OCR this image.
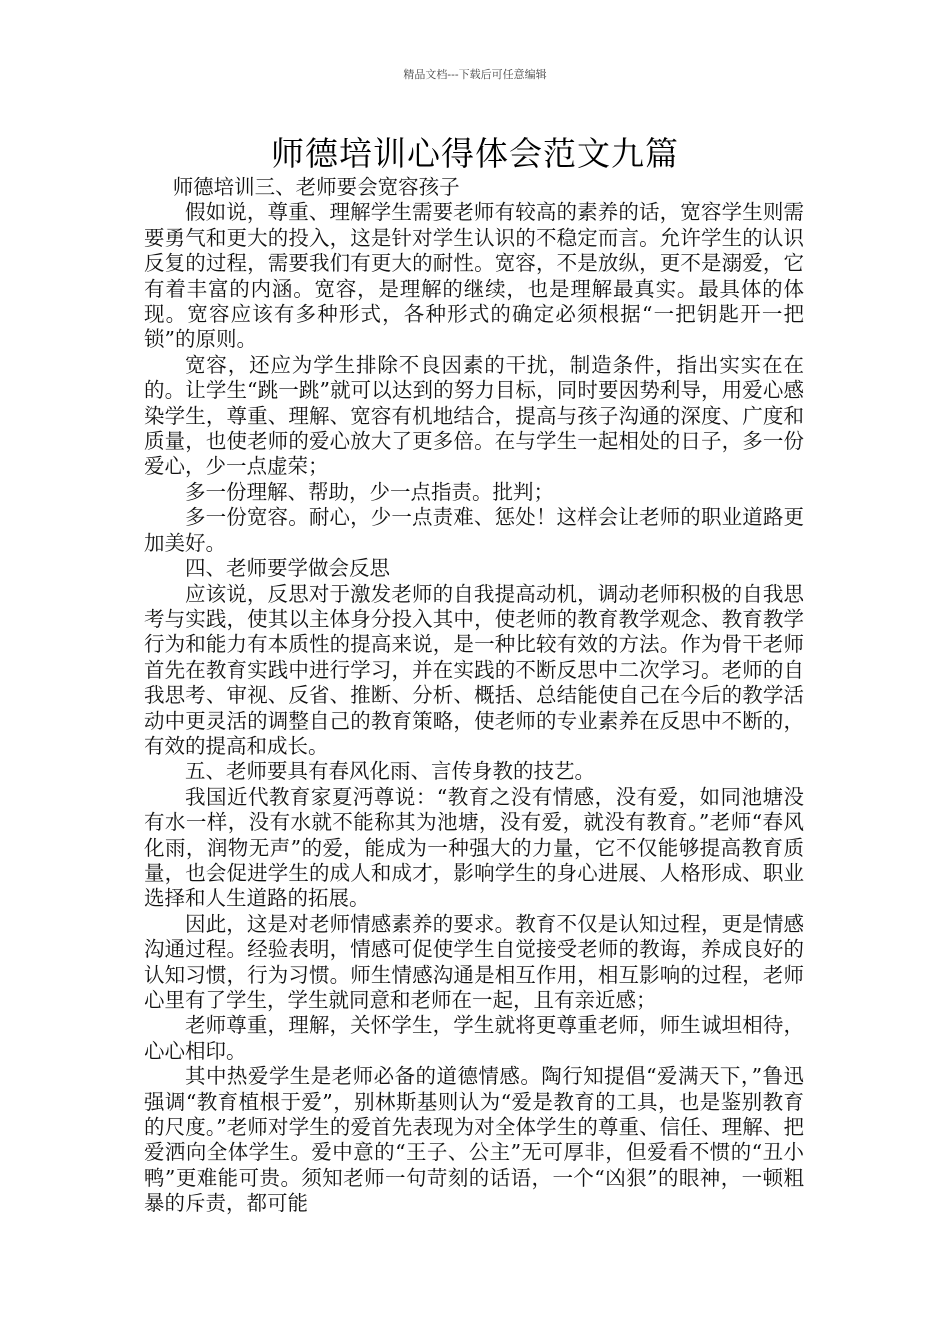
精品文档---下载后可任意编辑
师德培训心得体会范文九篇

师德培训三、老师要会宽容孩子

假如说，尊重、理解学生需要老师有较高的素养的话，宽容学生则需要勇气和更大的投入，这是针对学生认识的不稳定而言。允许学生的认识反复的过程，需要我们有更大的耐性。宽容，不是放纵，更不是溺爱，它有着丰富的内涵。宽容，是理解的继续，也是理解最真实。最具体的体现。宽容应该有多种形式，各种形式的确定必须根据“一把钥匙开一把锁”的原则。

宽容，还应为学生排除不良因素的干扰，制造条件，指出实实在在的。让学生“跳一跳”就可以达到的努力目标，同时要因势利导，用爱心感染学生，尊重、理解、宽容有机地结合，提高与孩子沟通的深度、广度和质量，也使老师的爱心放大了更多倍。在与学生一起相处的日子，多一份爱心，少一点虚荣；

多一份理解、帮助，少一点指责。批判；

多一份宽容。耐心，少一点责难、惩处！这样会让老师的职业道路更加美好。

四、老师要学做会反思

应该说，反思对于激发老师的自我提高动机，调动老师积极的自我思考与实践，使其以主体身分投入其中，使老师的教育教学观念、教育教学行为和能力有本质性的提高来说，是一种比较有效的方法。作为骨干老师首先在教育实践中进行学习，并在实践的不断反思中二次学习。老师的自我思考、审视、反省、推断、分析、概括、总结能使自己在今后的教学活动中更灵活的调整自己的教育策略，使老师的专业素养在反思中不断的，有效的提高和成长。

五、老师要具有春风化雨、言传身教的技艺。

我国近代教育家夏沔尊说：“教育之没有情感，没有爱，如同池塘没有水一样，没有水就不能称其为池塘，没有爱，就没有教育。”老师“春风化雨，润物无声”的爱，能成为一种强大的力量，它不仅能够提高教育质量，也会促进学生的成人和成才，影响学生的身心进展、人格形成、职业选择和人生道路的拓展。

因此，这是对老师情感素养的要求。教育不仅是认知过程，更是情感沟通过程。经验表明，情感可促使学生自觉接受老师的教诲，养成良好的认知习惯，行为习惯。师生情感沟通是相互作用，相互影响的过程，老师心里有了学生，学生就同意和老师在一起，且有亲近感；

老师尊重，理解，关怀学生，学生就将更尊重老师，师生诚坦相待，心心相印。

其中热爱学生是老师必备的道德情感。陶行知提倡“爱满天下，”鲁迅强调“教育植根于爱”，别林斯基则认为“爱是教育的工具，也是鉴别教育的尺度。”老师对学生的爱首先表现为对全体学生的尊重、信任、理解、把爱洒向全体学生。爱中意的“王子、公主”无可厚非，但爱看不惯的“丑小鸭”更难能可贵。须知老师一句苛刻的话语，一个“凶狠”的眼神，一顿粗暴的斥责，都可能
